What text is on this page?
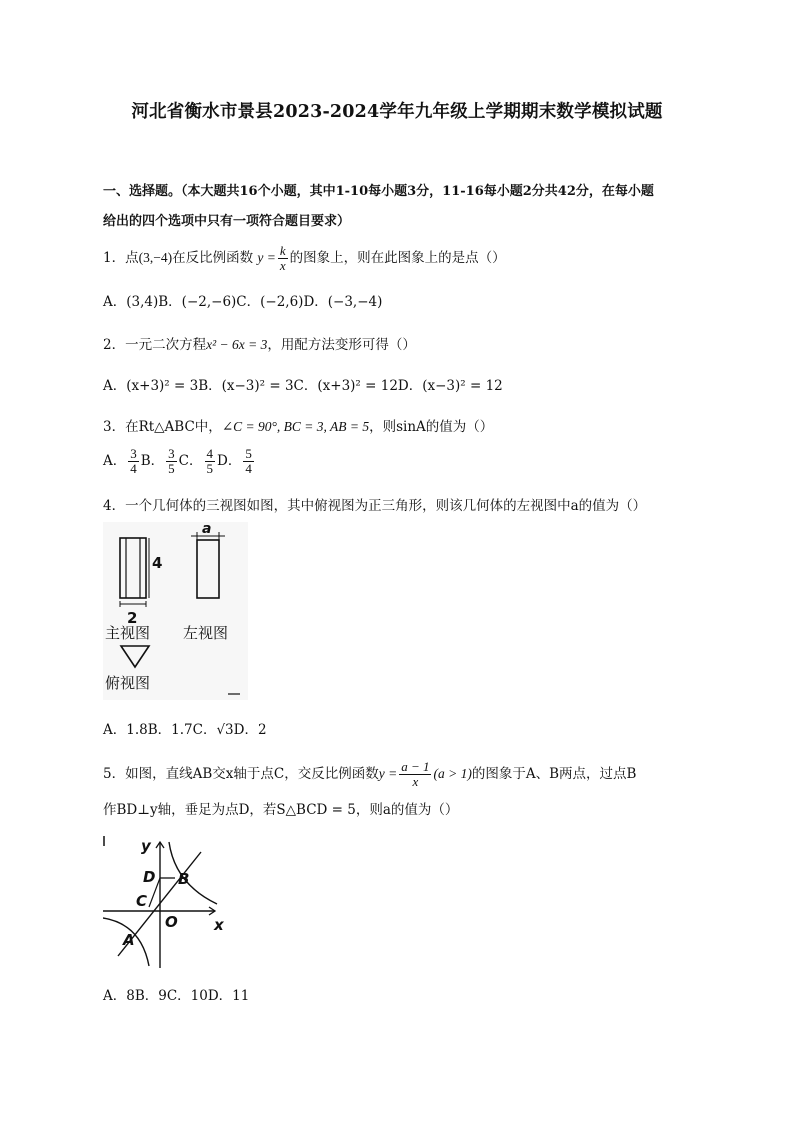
河北省衡水市景县2023-2024学年九年级上学期期末数学模拟试题
一、选择题。（本大题共16个小题，其中1-10每小题3分，11-16每小题2分共42分，在每小题
给出的四个选项中只有一项符合题目要求）
1．点(3,−4)在反比例函数 $y = \frac{k}{x}$ 的图象上，则在此图象上的是点（）
A．(3,4)B．(−2,−6)C．(−2,6)D．(−3,−4)
2．一元二次方程x² − 6x = 3，用配方法变形可得（）
A．(x+3)² = 3B．(x−3)² = 3C．(x+3)² = 12D．(x−3)² = 12
3．在Rt△ABC中，∠C = 90°, BC = 3, AB = 5，则sinA的值为（）
A． $\frac{3}{4}$ B． $\frac{3}{5}$ C． $\frac{4}{5}$ D． $\frac{5}{4}$
4．一个几何体的三视图如图，其中俯视图为正三角形，则该几何体的左视图中a的值为（）
4
2
a
主视图 左视图
俯视图
A．1.8B．1.7C．√3D．2
5．如图，直线AB交x轴于点C，交反比例函数$y = \frac{a - 1}{x} (a > 1)$的图象于A、B两点，过点B
作BD⊥y轴，垂足为点D，若S△BCD = 5，则a的值为（）
y
x
D B
C
O
A
A．8B．9C．10D．11
